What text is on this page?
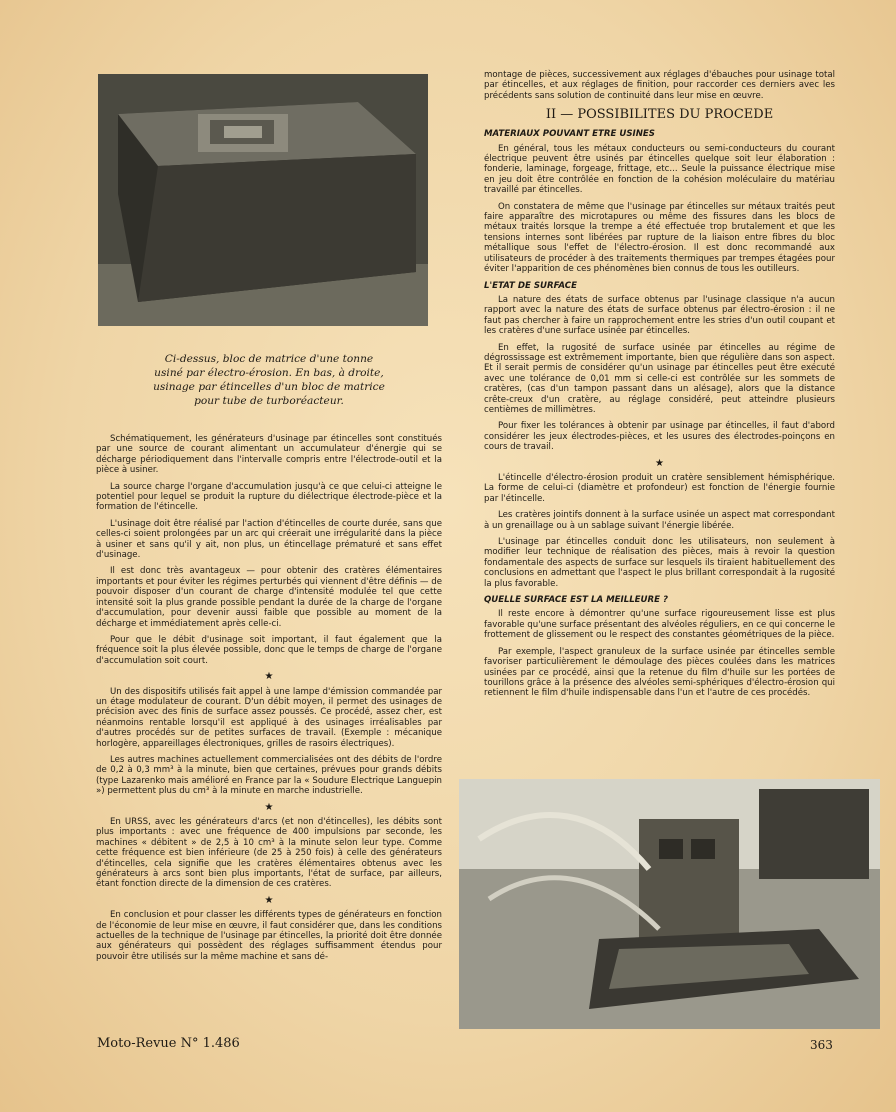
Ci-dessus, bloc de matrice d'une tonne usiné par électro-érosion. En bas, à droite, usinage par étincelles d'un bloc de matrice pour tube de turboréacteur.

Schématiquement, les générateurs d'usinage par étincelles sont constitués par une source de courant alimentant un accumulateur d'énergie qui se décharge périodiquement dans l'intervalle compris entre l'électrode-outil et la pièce à usiner.

La source charge l'organe d'accumulation jusqu'à ce que celui-ci atteigne le potentiel pour lequel se produit la rupture du diélectrique électrode-pièce et la formation de l'étincelle.

L'usinage doit être réalisé par l'action d'étincelles de courte durée, sans que celles-ci soient prolongées par un arc qui créerait une irrégularité dans la pièce à usiner et sans qu'il y ait, non plus, un étincellage prématuré et sans effet d'usinage.

Il est donc très avantageux — pour obtenir des cratères élémentaires importants et pour éviter les régimes perturbés qui viennent d'être définis — de pouvoir disposer d'un courant de charge d'intensité modulée tel que cette intensité soit la plus grande possible pendant la durée de la charge de l'organe d'accumulation, pour devenir aussi faible que possible au moment de la décharge et immédiatement après celle-ci.

Pour que le débit d'usinage soit important, il faut également que la fréquence soit la plus élevée possible, donc que le temps de charge de l'organe d'accumulation soit court.

★

Un des dispositifs utilisés fait appel à une lampe d'émission commandée par un étage modulateur de courant. D'un débit moyen, il permet des usinages de précision avec des finis de surface assez poussés. Ce procédé, assez cher, est néanmoins rentable lorsqu'il est appliqué à des usinages irréalisables par d'autres procédés sur de petites surfaces de travail. (Exemple : mécanique horlogère, appareillages électroniques, grilles de rasoirs électriques).

Les autres machines actuellement commercialisées ont des débits de l'ordre de 0,2 à 0,3 mm³ à la minute, bien que certaines, prévues pour grands débits (type Lazarenko mais amélioré en France par la « Soudure Electrique Languepin ») permettent plus du cm³ à la minute en marche industrielle.

★

En URSS, avec les générateurs d'arcs (et non d'étincelles), les débits sont plus importants : avec une fréquence de 400 impulsions par seconde, les machines « débitent » de 2,5 à 10 cm³ à la minute selon leur type. Comme cette fréquence est bien inférieure (de 25 à 250 fois) à celle des générateurs d'étincelles, cela signifie que les cratères élémentaires obtenus avec les générateurs à arcs sont bien plus importants, l'état de surface, par ailleurs, étant fonction directe de la dimension de ces cratères.

★

En conclusion et pour classer les différents types de générateurs en fonction de l'économie de leur mise en œuvre, il faut considérer que, dans les conditions actuelles de la technique de l'usinage par étincelles, la priorité doit être donnée aux générateurs qui possèdent des réglages suffisamment étendus pour pouvoir être utilisés sur la même machine et sans dé-

montage de pièces, successivement aux réglages d'ébauches pour usinage total par étincelles, et aux réglages de finition, pour raccorder ces derniers avec les précédents sans solution de continuité dans leur mise en œuvre.

II — POSSIBILITES DU PROCEDE

MATERIAUX POUVANT ETRE USINES

En général, tous les métaux conducteurs ou semi-conducteurs du courant électrique peuvent être usinés par étincelles quelque soit leur élaboration : fonderie, laminage, forgeage, frittage, etc... Seule la puissance électrique mise en jeu doit être contrôlée en fonction de la cohésion moléculaire du matériau travaillé par étincelles.

On constatera de même que l'usinage par étincelles sur métaux traités peut faire apparaître des microtapures ou même des fissures dans les blocs de métaux traités lorsque la trempe a été effectuée trop brutalement et que les tensions internes sont libérées par rupture de la liaison entre fibres du bloc métallique sous l'effet de l'électro-érosion. Il est donc recommandé aux utilisateurs de procéder à des traitements thermiques par trempes étagées pour éviter l'apparition de ces phénomènes bien connus de tous les outilleurs.

L'ETAT DE SURFACE

La nature des états de surface obtenus par l'usinage classique n'a aucun rapport avec la nature des états de surface obtenus par électro-érosion : il ne faut pas chercher à faire un rapprochement entre les stries d'un outil coupant et les cratères d'une surface usinée par étincelles.

En effet, la rugosité de surface usinée par étincelles au régime de dégrossissage est extrêmement importante, bien que régulière dans son aspect. Et il serait permis de considérer qu'un usinage par étincelles peut être exécuté avec une tolérance de 0,01 mm si celle-ci est contrôlée sur les sommets de cratères, (cas d'un tampon passant dans un alésage), alors que la distance crête-creux d'un cratère, au réglage considéré, peut atteindre plusieurs centièmes de millimètres.

Pour fixer les tolérances à obtenir par usinage par étincelles, il faut d'abord considérer les jeux électrodes-pièces, et les usures des électrodes-poinçons en cours de travail.

★

L'étincelle d'électro-érosion produit un cratère sensiblement hémisphérique. La forme de celui-ci (diamètre et profondeur) est fonction de l'énergie fournie par l'étincelle.

Les cratères jointifs donnent à la surface usinée un aspect mat correspondant à un grenaillage ou à un sablage suivant l'énergie libérée.

L'usinage par étincelles conduit donc les utilisateurs, non seulement à modifier leur technique de réalisation des pièces, mais à revoir la question fondamentale des aspects de surface sur lesquels ils tiraient habituellement des conclusions en admettant que l'aspect le plus brillant correspondait à la rugosité la plus favorable.

QUELLE SURFACE EST LA MEILLEURE ?

Il reste encore à démontrer qu'une surface rigoureusement lisse est plus favorable qu'une surface présentant des alvéoles réguliers, en ce qui concerne le frottement de glissement ou le respect des constantes géométriques de la pièce.

Par exemple, l'aspect granuleux de la surface usinée par étincelles semble favoriser particulièrement le démoulage des pièces coulées dans les matrices usinées par ce procédé, ainsi que la retenue du film d'huile sur les portées de tourillons grâce à la présence des alvéoles semi-sphériques d'électro-érosion qui retiennent le film d'huile indispensable dans l'un et l'autre de ces procédés.

Moto-Revue N° 1.486	363
